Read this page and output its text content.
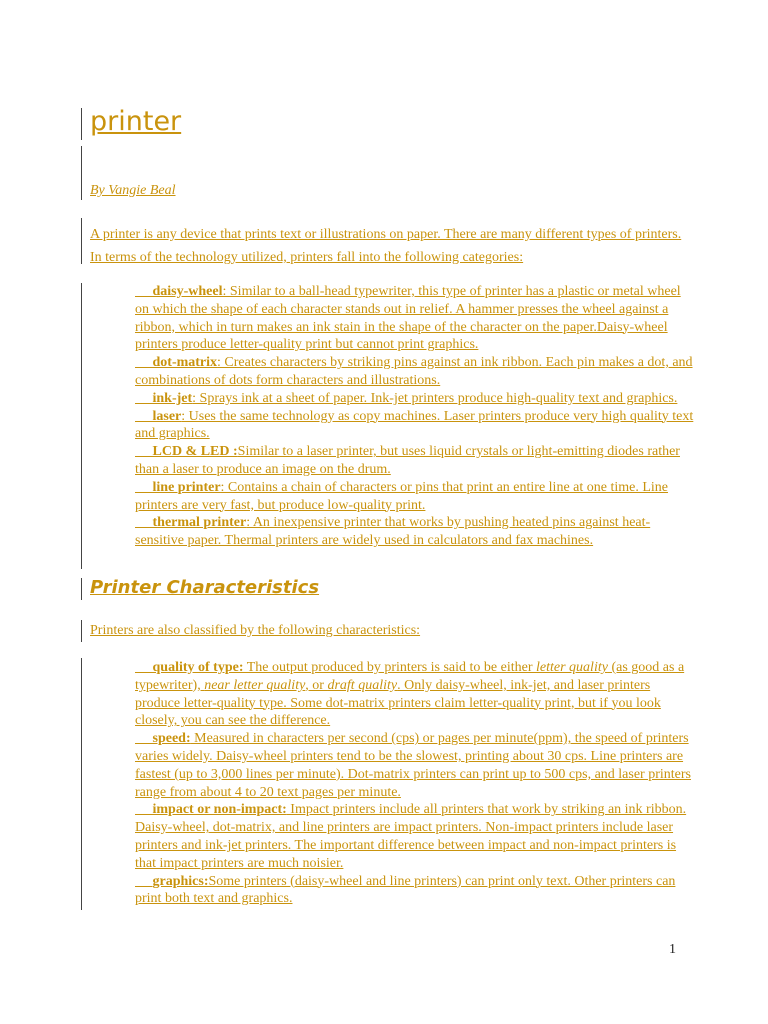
printer
By Vangie Beal

A printer is any device that prints text or illustrations on paper. There are many different types of printers. In terms of the technology utilized, printers fall into the following categories:

daisy-wheel: Similar to a ball-head typewriter, this type of printer has a plastic or metal wheel on which the shape of each character stands out in relief. A hammer presses the wheel against a ribbon, which in turn makes an ink stain in the shape of the character on the paper.Daisy-wheel printers produce letter-quality print but cannot print graphics.
dot-matrix: Creates characters by striking pins against an ink ribbon. Each pin makes a dot, and combinations of dots form characters and illustrations.
ink-jet: Sprays ink at a sheet of paper. Ink-jet printers produce high-quality text and graphics.
laser: Uses the same technology as copy machines. Laser printers produce very high quality text and graphics.
LCD & LED :Similar to a laser printer, but uses liquid crystals or light-emitting diodes rather than a laser to produce an image on the drum.
line printer: Contains a chain of characters or pins that print an entire line at one time. Line printers are very fast, but produce low-quality print.
thermal printer: An inexpensive printer that works by pushing heated pins against heat-sensitive paper. Thermal printers are widely used in calculators and fax machines.
Printer Characteristics

Printers are also classified by the following characteristics:

quality of type: The output produced by printers is said to be either letter quality (as good as a typewriter), near letter quality, or draft quality. Only daisy-wheel, ink-jet, and laser printers produce letter-quality type. Some dot-matrix printers claim letter-quality print, but if you look closely, you can see the difference.
speed: Measured in characters per second (cps) or pages per minute(ppm), the speed of printers varies widely. Daisy-wheel printers tend to be the slowest, printing about 30 cps. Line printers are fastest (up to 3,000 lines per minute). Dot-matrix printers can print up to 500 cps, and laser printers range from about 4 to 20 text pages per minute.
impact or non-impact: Impact printers include all printers that work by striking an ink ribbon. Daisy-wheel, dot-matrix, and line printers are impact printers. Non-impact printers include laser printers and ink-jet printers. The important difference between impact and non-impact printers is that impact printers are much noisier.
graphics:Some printers (daisy-wheel and line printers) can print only text. Other printers can print both text and graphics.
1
